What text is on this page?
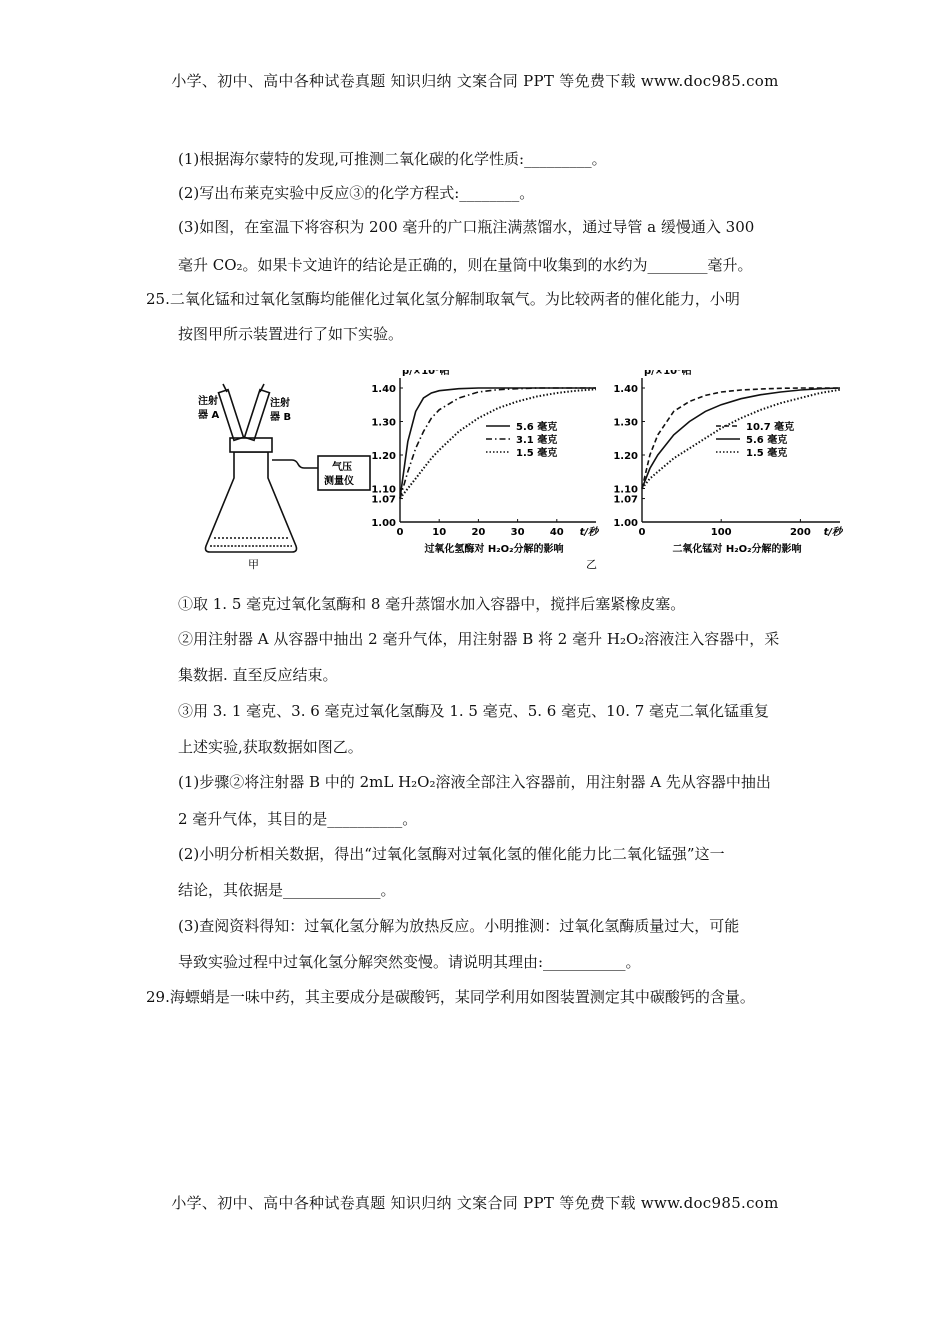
小学、初中、高中各种试卷真题 知识归纳 文案合同 PPT 等免费下载 www.doc985.com
(1)根据海尔蒙特的发现,可推测二氧化碳的化学性质:_________。
(2)写出布莱克实验中反应③的化学方程式:________。
(3)如图，在室温下将容积为 200 毫升的广口瓶注满蒸馏水，通过导管 a 缓慢通入 300
毫升 CO₂。如果卡文迪许的结论是正确的，则在量筒中收集到的水约为________毫升。
25.二氧化锰和过氧化氢酶均能催化过氧化氢分解制取氧气。为比较两者的催化能力，小明
按图甲所示装置进行了如下实验。
注射
器 A
注射
器 B
气压
测量仪
甲
1.00
1.07
1.10
1.20
1.30
1.40
0	10	20	30	40
p/×10⁵帕
t/秒
过氧化氢酶对 H₂O₂分解的影响
5.6 毫克
3.1 毫克
1.5 毫克
1.00
1.07
1.10
1.20
1.30
1.40
0	100	200
p/×10⁵帕
t/秒
二氧化锰对 H₂O₂分解的影响
10.7 毫克
5.6 毫克
1.5 毫克
乙
①取 1. 5 毫克过氧化氢酶和 8 毫升蒸馏水加入容器中，搅拌后塞紧橡皮塞。
②用注射器 A 从容器中抽出 2 毫升气体，用注射器 B 将 2 毫升 H₂O₂溶液注入容器中，采
集数据. 直至反应结束。
③用 3. 1 毫克、3. 6 毫克过氧化氢酶及 1. 5 毫克、5. 6 毫克、10. 7 毫克二氧化锰重复
上述实验,获取数据如图乙。
(1)步骤②将注射器 B 中的 2mL H₂O₂溶液全部注入容器前，用注射器 A 先从容器中抽出
2 毫升气体，其目的是__________。
(2)小明分析相关数据，得出“过氧化氢酶对过氧化氢的催化能力比二氧化锰强”这一
结论，其依据是_____________。
(3)查阅资料得知：过氧化氢分解为放热反应。小明推测：过氧化氢酶质量过大，可能
导致实验过程中过氧化氢分解突然变慢。请说明其理由:___________。
29.海螵蛸是一味中药，其主要成分是碳酸钙，某同学利用如图装置测定其中碳酸钙的含量。
小学、初中、高中各种试卷真题 知识归纳 文案合同 PPT 等免费下载 www.doc985.com
